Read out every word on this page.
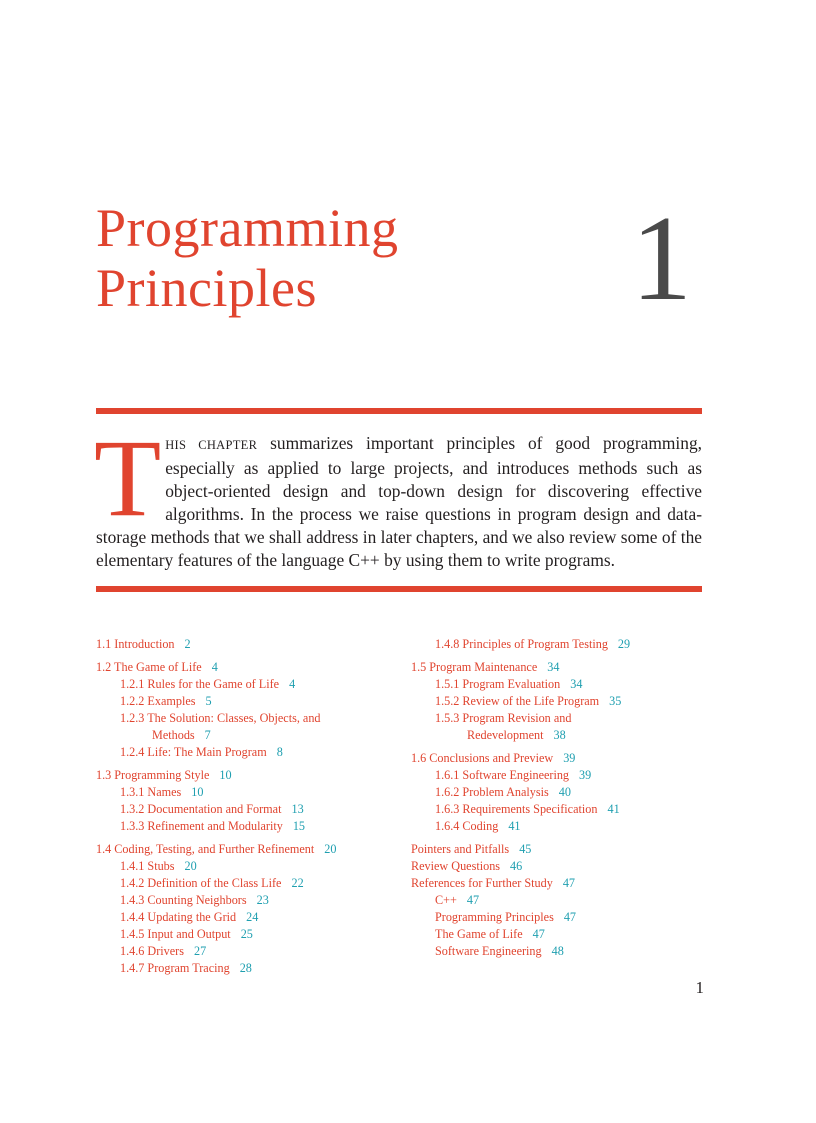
Programming
Principles	1

THIS CHAPTER summarizes important principles of good programming, especially as applied to large projects, and introduces methods such as object-oriented design and top-down design for discovering effective algorithms. In the process we raise questions in program design and data-storage methods that we shall address in later chapters, and we also review some of the elementary features of the language C++ by using them to write programs.

1.1 Introduction 2
1.2 The Game of Life 4
1.2.1 Rules for the Game of Life 4
1.2.2 Examples 5
1.2.3 The Solution: Classes, Objects, and
Methods 7
1.2.4 Life: The Main Program 8
1.3 Programming Style 10
1.3.1 Names 10
1.3.2 Documentation and Format 13
1.3.3 Refinement and Modularity 15
1.4 Coding, Testing, and Further Refinement 20
1.4.1 Stubs 20
1.4.2 Definition of the Class Life 22
1.4.3 Counting Neighbors 23
1.4.4 Updating the Grid 24
1.4.5 Input and Output 25
1.4.6 Drivers 27
1.4.7 Program Tracing 28
1.4.8 Principles of Program Testing 29
1.5 Program Maintenance 34
1.5.1 Program Evaluation 34
1.5.2 Review of the Life Program 35
1.5.3 Program Revision and
Redevelopment 38
1.6 Conclusions and Preview 39
1.6.1 Software Engineering 39
1.6.2 Problem Analysis 40
1.6.3 Requirements Specification 41
1.6.4 Coding 41
Pointers and Pitfalls 45
Review Questions 46
References for Further Study 47
C++ 47
Programming Principles 47
The Game of Life 47
Software Engineering 48
1
